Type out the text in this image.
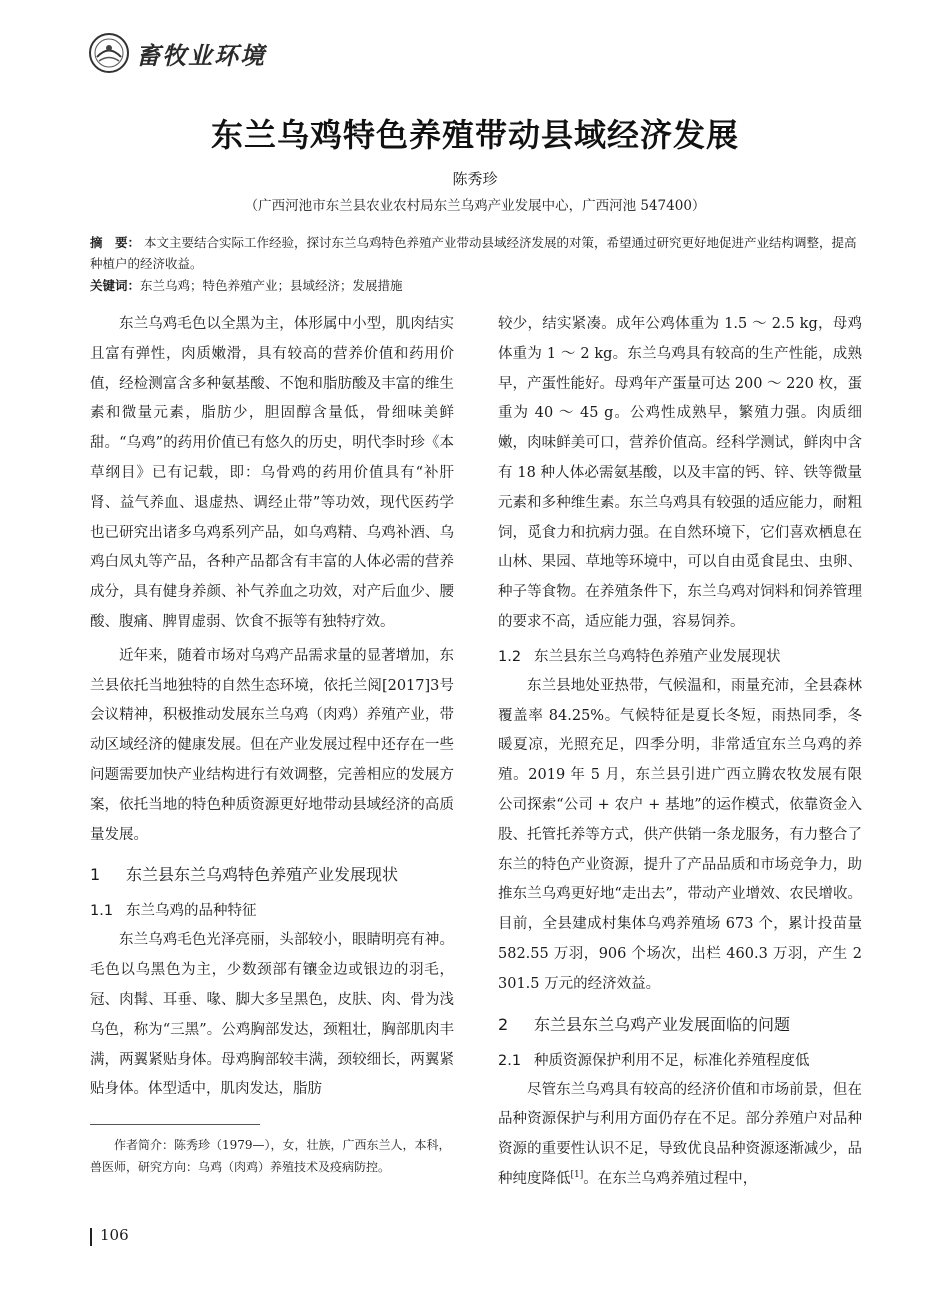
畜牧业环境
东兰乌鸡特色养殖带动县域经济发展
陈秀珍
（广西河池市东兰县农业农村局东兰乌鸡产业发展中心，广西河池 547400）
摘　要： 本文主要结合实际工作经验，探讨东兰乌鸡特色养殖产业带动县域经济发展的对策，希望通过研究更好地促进产业结构调整，提高种植户的经济收益。
关键词：东兰乌鸡；特色养殖产业；县域经济；发展措施

东兰乌鸡毛色以全黑为主，体形属中小型，肌肉结实且富有弹性，肉质嫩滑，具有较高的营养价值和药用价值，经检测富含多种氨基酸、不饱和脂肪酸及丰富的维生素和微量元素，脂肪少，胆固醇含量低，骨细味美鲜甜。“乌鸡”的药用价值已有悠久的历史，明代李时珍《本草纲目》已有记载，即：乌骨鸡的药用价值具有“补肝肾、益气养血、退虚热、调经止带”等功效，现代医药学也已研究出诸多乌鸡系列产品，如乌鸡精、乌鸡补酒、乌鸡白凤丸等产品，各种产品都含有丰富的人体必需的营养成分，具有健身养颜、补气养血之功效，对产后血少、腰酸、腹痛、脾胃虚弱、饮食不振等有独特疗效。

近年来，随着市场对乌鸡产品需求量的显著增加，东兰县依托当地独特的自然生态环境，依托兰阅[2017]3号会议精神，积极推动发展东兰乌鸡（肉鸡）养殖产业，带动区域经济的健康发展。但在产业发展过程中还存在一些问题需要加快产业结构进行有效调整，完善相应的发展方案，依托当地的特色种质资源更好地带动县域经济的高质量发展。

1 东兰县东兰乌鸡特色养殖产业发展现状
1.1 东兰乌鸡的品种特征

东兰乌鸡毛色光泽亮丽，头部较小，眼睛明亮有神。毛色以乌黑色为主，少数颈部有镶金边或银边的羽毛，冠、肉髯、耳垂、喙、脚大多呈黑色，皮肤、肉、骨为浅乌色，称为“三黑”。公鸡胸部发达，颈粗壮，胸部肌肉丰满，两翼紧贴身体。母鸡胸部较丰满，颈较细长，两翼紧贴身体。体型适中，肌肉发达，脂肪

较少，结实紧凑。成年公鸡体重为 1.5 ～ 2.5 kg，母鸡体重为 1 ～ 2 kg。东兰乌鸡具有较高的生产性能，成熟早，产蛋性能好。母鸡年产蛋量可达 200 ～ 220 枚，蛋重为 40 ～ 45 g。公鸡性成熟早，繁殖力强。肉质细嫩，肉味鲜美可口，营养价值高。经科学测试，鲜肉中含有 18 种人体必需氨基酸，以及丰富的钙、锌、铁等微量元素和多种维生素。东兰乌鸡具有较强的适应能力，耐粗饲，觅食力和抗病力强。在自然环境下，它们喜欢栖息在山林、果园、草地等环境中，可以自由觅食昆虫、虫卵、种子等食物。在养殖条件下，东兰乌鸡对饲料和饲养管理的要求不高，适应能力强，容易饲养。

1.2 东兰县东兰乌鸡特色养殖产业发展现状

东兰县地处亚热带，气候温和，雨量充沛，全县森林覆盖率 84.25%。气候特征是夏长冬短，雨热同季，冬暖夏凉，光照充足，四季分明，非常适宜东兰乌鸡的养殖。2019 年 5 月，东兰县引进广西立腾农牧发展有限公司探索“公司 + 农户 + 基地”的运作模式，依靠资金入股、托管托养等方式，供产供销一条龙服务，有力整合了东兰的特色产业资源，提升了产品品质和市场竞争力，助推东兰乌鸡更好地“走出去”，带动产业增效、农民增收。目前，全县建成村集体乌鸡养殖场 673 个，累计投苗量 582.55 万羽，906 个场次，出栏 460.3 万羽，产生 2 301.5 万元的经济效益。

2 东兰县东兰乌鸡产业发展面临的问题
2.1 种质资源保护利用不足，标准化养殖程度低

尽管东兰乌鸡具有较高的经济价值和市场前景，但在品种资源保护与利用方面仍存在不足。部分养殖户对品种资源的重要性认识不足，导致优良品种资源逐渐减少，品种纯度降低[1]。在东兰乌鸡养殖过程中，

作者简介：陈秀珍（1979—），女，壮族，广西东兰人，本科，兽医师，研究方向：乌鸡（肉鸡）养殖技术及疫病防控。
106
